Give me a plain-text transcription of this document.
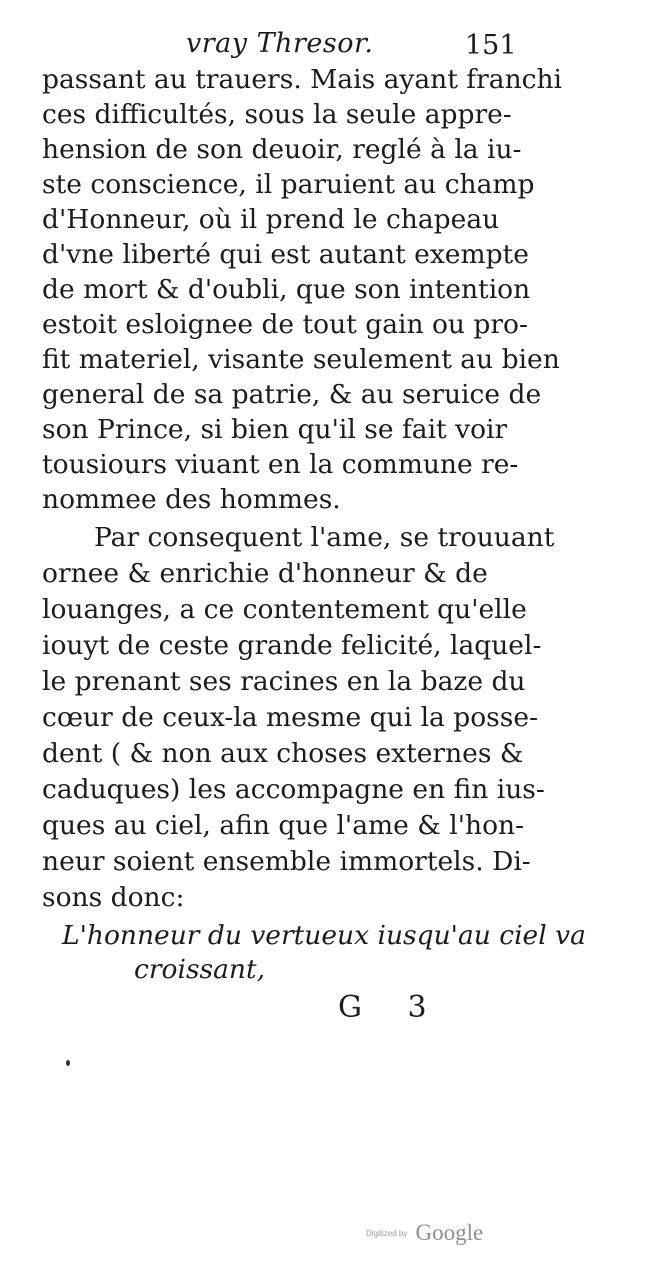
vray Thresor.	151
passant au trauers. Mais ayant franchi
ces difficultés, sous la seule appre-
hension de son deuoir, reglé à la iu-
ste conscience, il paruient au champ
d'Honneur, où il prend le chapeau
d'vne liberté qui est autant exempte
de mort & d'oubli, que son intention
estoit esloignee de tout gain ou pro-
fit materiel, visante seulement au bien
general de sa patrie, & au seruice de
son Prince, si bien qu'il se fait voir
tousiours viuant en la commune re-
nommee des hommes.
Par consequent l'ame, se trouuant
ornee & enrichie d'honneur & de
louanges, a ce contentement qu'elle
iouyt de ceste grande felicité, laquel-
le prenant ses racines en la baze du
cœur de ceux-la mesme qui la posse-
dent ( & non aux choses externes &
caduques) les accompagne en fin ius-
ques au ciel, afin que l'ame & l'hon-
neur soient ensemble immortels. Di-
sons donc:
L'honneur du vertueux iusqu'au ciel va
croissant,
G 3
Digitized by Google
